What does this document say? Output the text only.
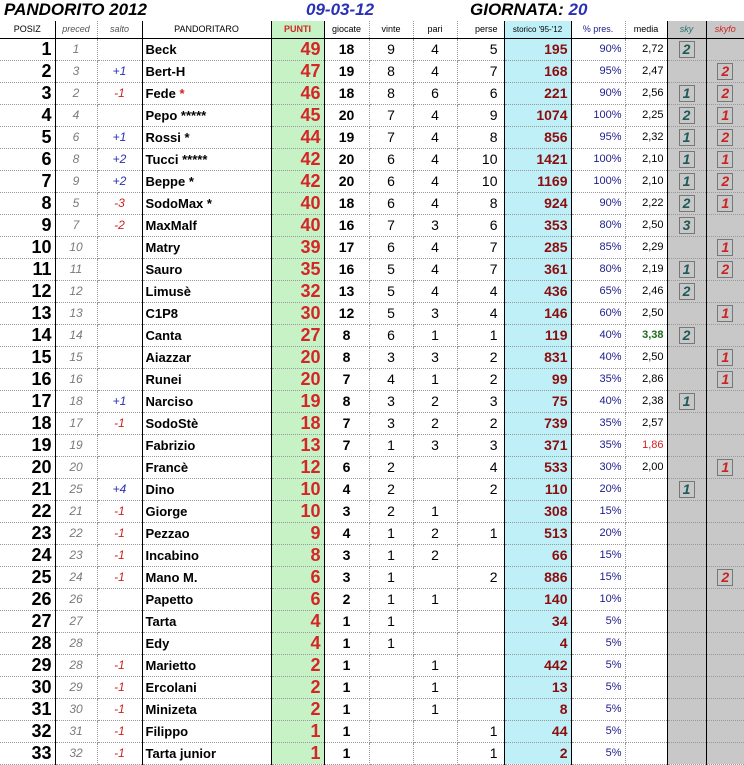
PANDORITO 2012	09-03-12	GIORNATA: 20
POSIZ	preced	salto	PANDORITARO	PUNTI	giocate	vinte	pari	perse	storico '95-'12	% pres.	media	sky	skyfo
1	1		Beck	49	18	9	4	5	195	90%	2,72	2	
2	3	+1	Bert-H	47	19	8	4	7	168	95%	2,47		2
3	2	-1	Fede *	46	18	8	6	6	221	90%	2,56	1	2
4	4		Pepo *****	45	20	7	4	9	1074	100%	2,25	2	1
5	6	+1	Rossi *	44	19	7	4	8	856	95%	2,32	1	2
6	8	+2	Tucci *****	42	20	6	4	10	1421	100%	2,10	1	1
7	9	+2	Beppe *	42	20	6	4	10	1169	100%	2,10	1	2
8	5	-3	SodoMax *	40	18	6	4	8	924	90%	2,22	2	1
9	7	-2	MaxMalf	40	16	7	3	6	353	80%	2,50	3	
10	10		Matry	39	17	6	4	7	285	85%	2,29		1
11	11		Sauro	35	16	5	4	7	361	80%	2,19	1	2
12	12		Limusè	32	13	5	4	4	436	65%	2,46	2	
13	13		C1P8	30	12	5	3	4	146	60%	2,50		1
14	14		Canta	27	8	6	1	1	119	40%	3,38	2	
15	15		Aiazzar	20	8	3	3	2	831	40%	2,50		1
16	16		Runei	20	7	4	1	2	99	35%	2,86		1
17	18	+1	Narciso	19	8	3	2	3	75	40%	2,38	1	
18	17	-1	SodoStè	18	7	3	2	2	739	35%	2,57		
19	19		Fabrizio	13	7	1	3	3	371	35%	1,86		
20	20		Francè	12	6	2		4	533	30%	2,00		1
21	25	+4	Dino	10	4	2		2	110	20%		1	
22	21	-1	Giorge	10	3	2	1		308	15%			
23	22	-1	Pezzao	9	4	1	2	1	513	20%			
24	23	-1	Incabino	8	3	1	2		66	15%			
25	24	-1	Mano M.	6	3	1		2	886	15%			2
26	26		Papetto	6	2	1	1		140	10%			
27	27		Tarta	4	1	1			34	5%			
28	28		Edy	4	1	1			4	5%			
29	28	-1	Marietto	2	1		1		442	5%			
30	29	-1	Ercolani	2	1		1		13	5%			
31	30	-1	Minizeta	2	1		1		8	5%			
32	31	-1	Filippo	1	1			1	44	5%			
33	32	-1	Tarta junior	1	1			1	2	5%			
